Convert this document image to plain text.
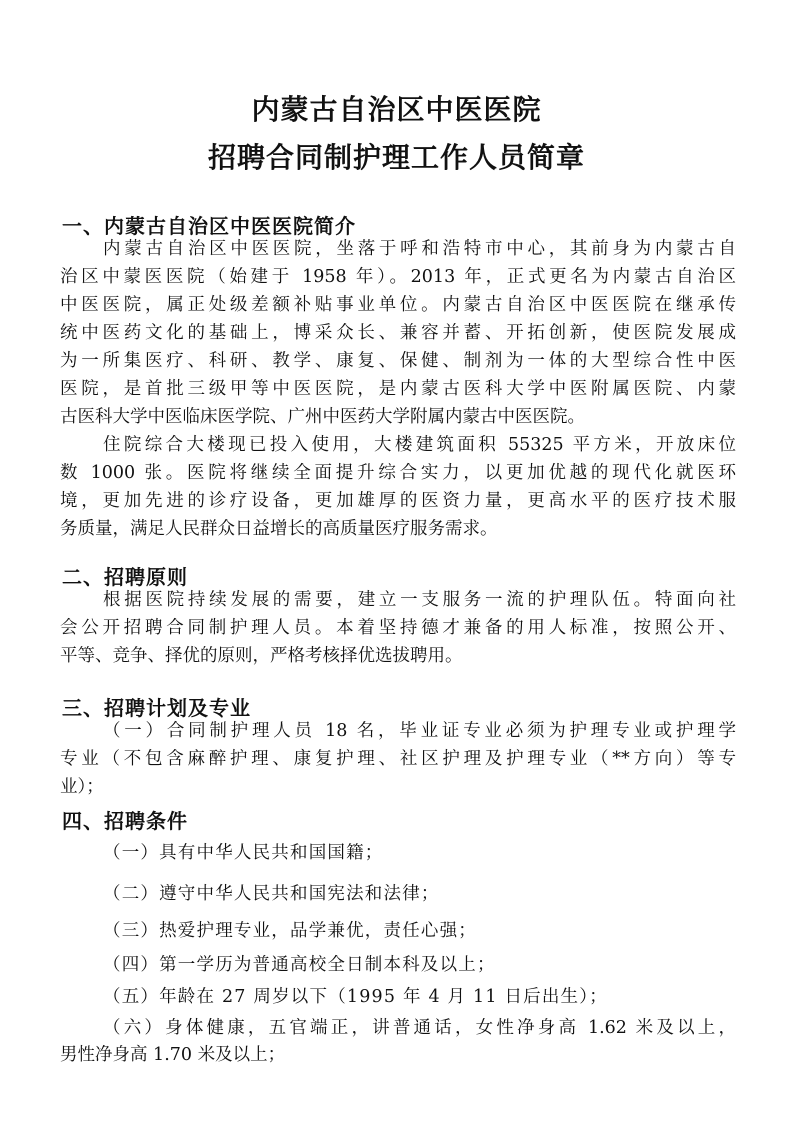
内蒙古自治区中医医院
招聘合同制护理工作人员简章
一、内蒙古自治区中医医院简介
内蒙古自治区中医医院，坐落于呼和浩特市中心，其前身为内蒙古自
治区中蒙医医院（始建于 1958 年）。2013 年，正式更名为内蒙古自治区
中医医院，属正处级差额补贴事业单位。内蒙古自治区中医医院在继承传
统中医药文化的基础上，博采众长、兼容并蓄、开拓创新，使医院发展成
为一所集医疗、科研、教学、康复、保健、制剂为一体的大型综合性中医
医院，是首批三级甲等中医医院，是内蒙古医科大学中医附属医院、内蒙
古医科大学中医临床医学院、广州中医药大学附属内蒙古中医医院。
住院综合大楼现已投入使用，大楼建筑面积 55325 平方米，开放床位
数 1000 张。医院将继续全面提升综合实力，以更加优越的现代化就医环
境，更加先进的诊疗设备，更加雄厚的医资力量，更高水平的医疗技术服
务质量，满足人民群众日益增长的高质量医疗服务需求。
二、招聘原则
根据医院持续发展的需要，建立一支服务一流的护理队伍。特面向社
会公开招聘合同制护理人员。本着坚持德才兼备的用人标准，按照公开、
平等、竞争、择优的原则，严格考核择优选拔聘用。
三、招聘计划及专业
（一）合同制护理人员 18 名，毕业证专业必须为护理专业或护理学
专业（不包含麻醉护理、康复护理、社区护理及护理专业（**方向）等专
业）；
四、招聘条件
（一）具有中华人民共和国国籍；
（二）遵守中华人民共和国宪法和法律；
（三）热爱护理专业，品学兼优，责任心强；
（四）第一学历为普通高校全日制本科及以上；
（五）年龄在 27 周岁以下（1995 年 4 月 11 日后出生）；
（六）身体健康，五官端正，讲普通话，女性净身高 1.62 米及以上，
男性净身高 1.70 米及以上；
